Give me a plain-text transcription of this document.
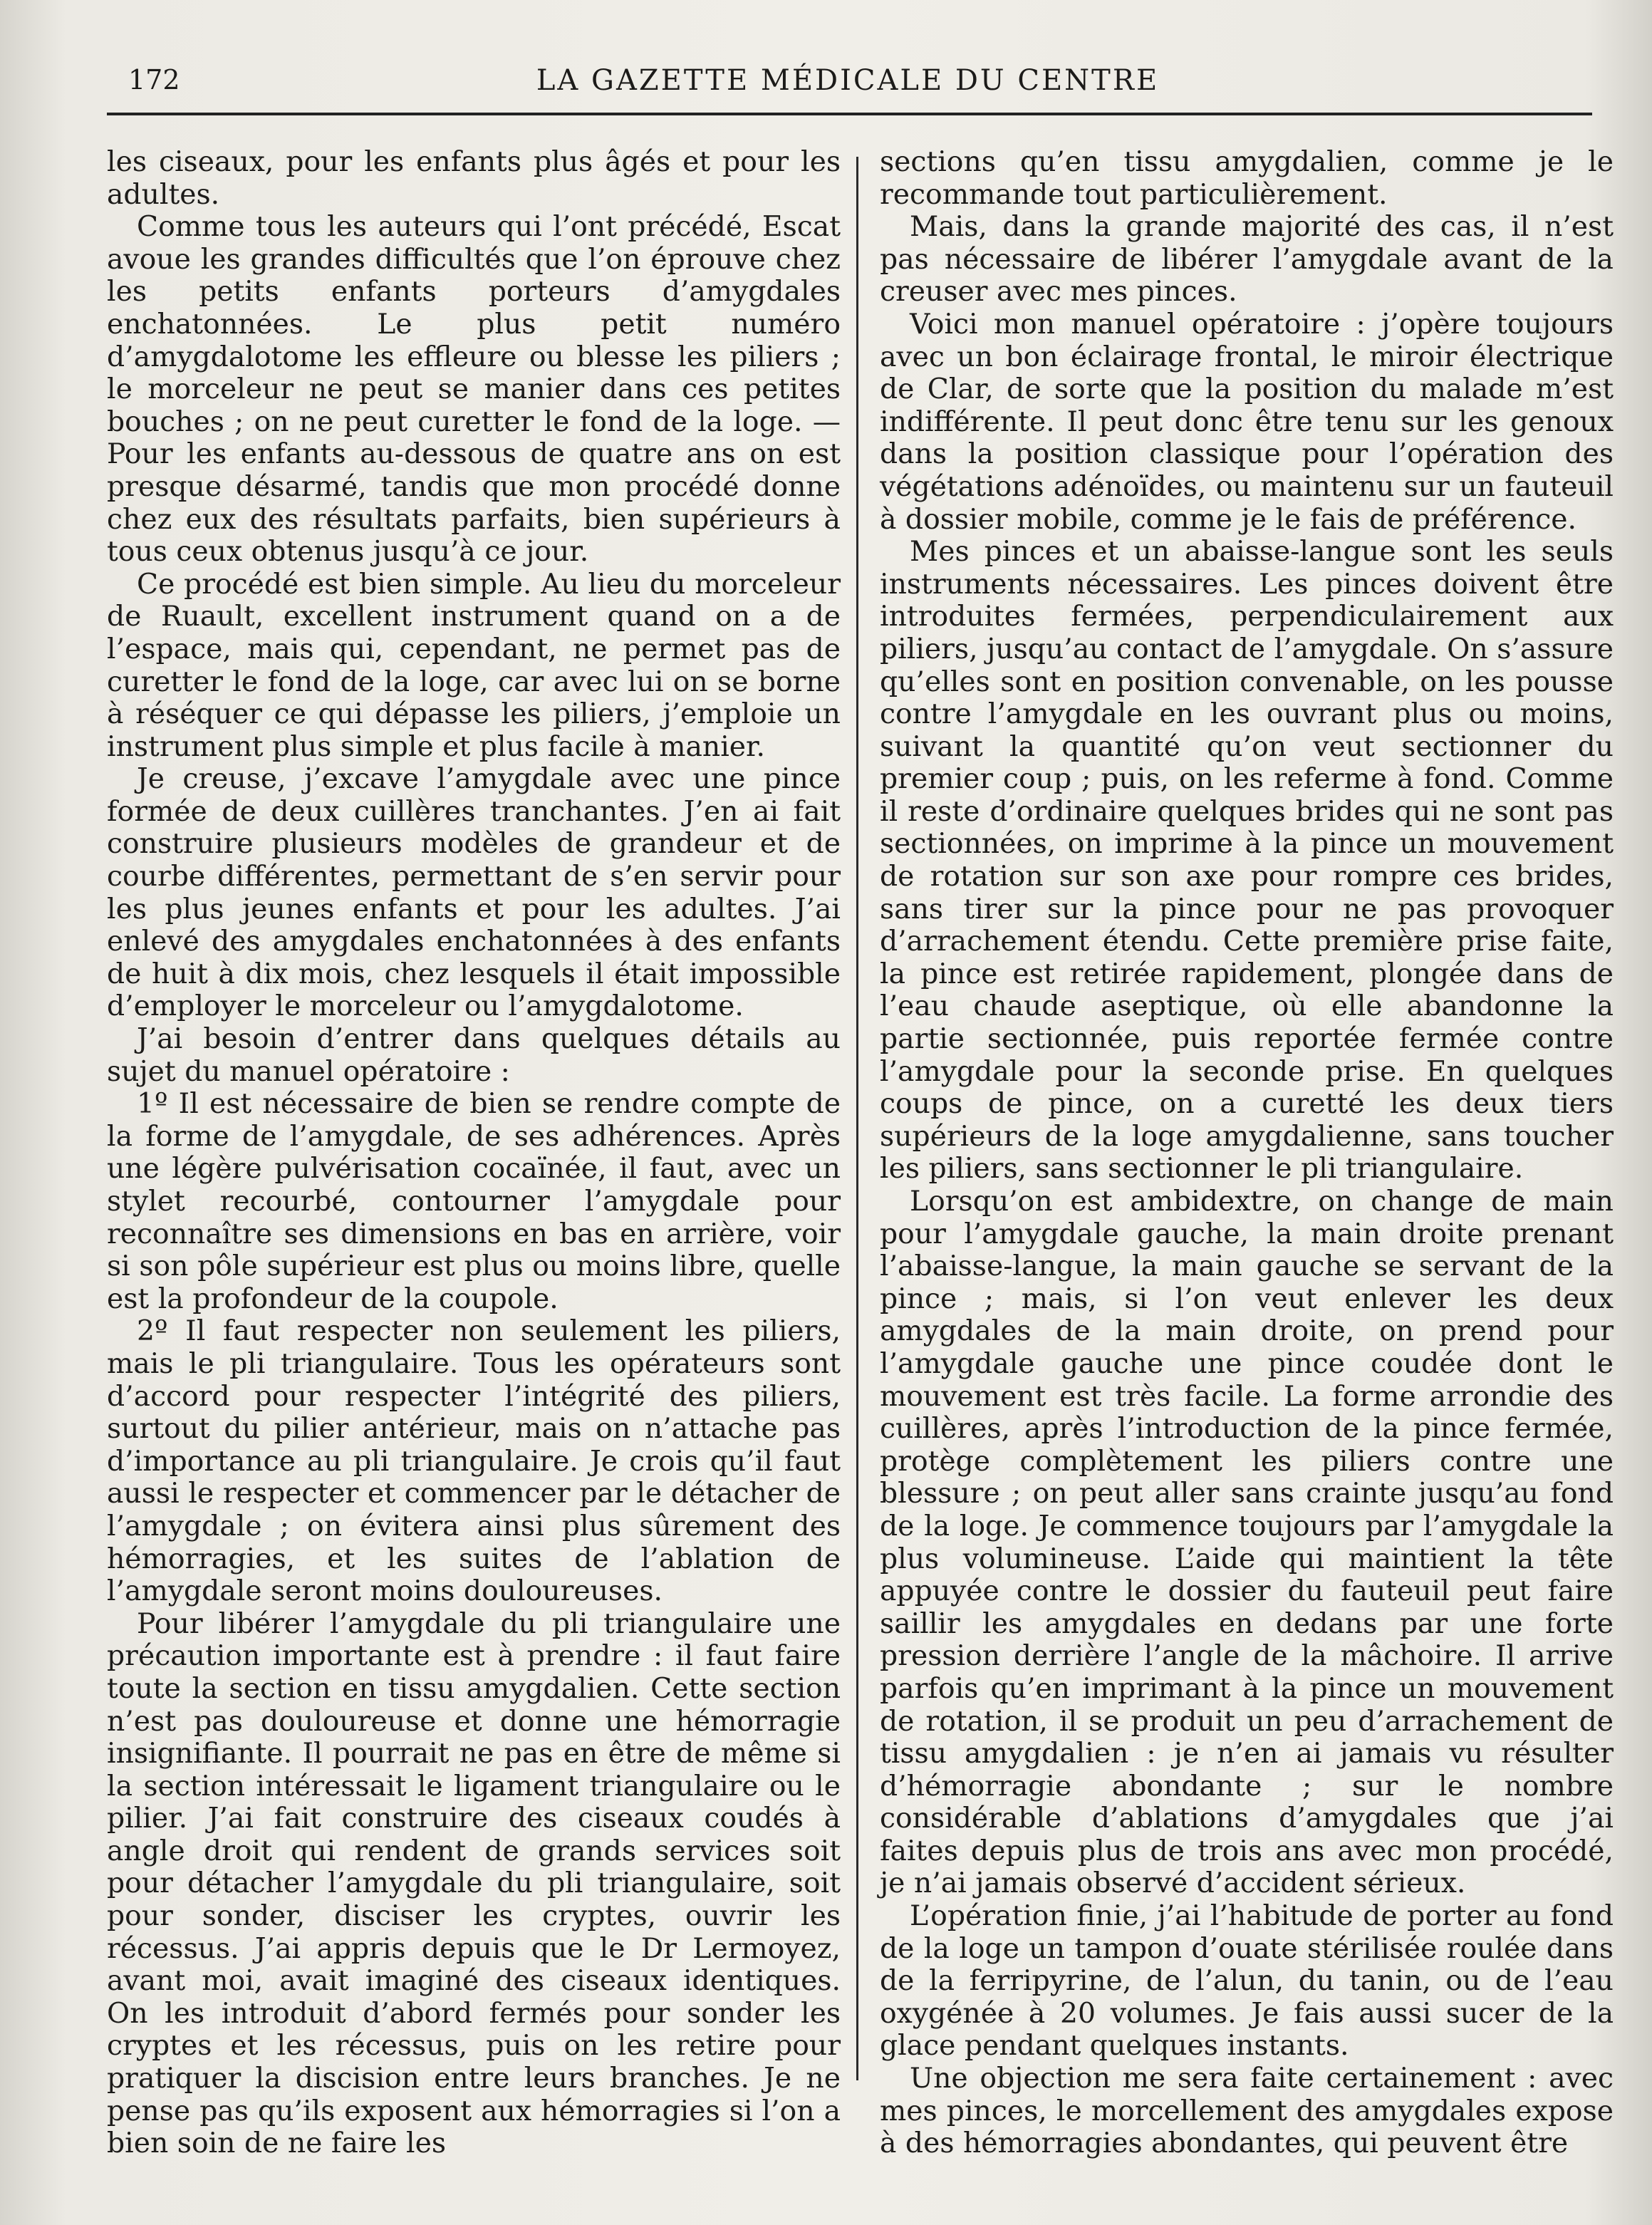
172	LA GAZETTE MÉDICALE DU CENTRE

les ciseaux, pour les enfants plus âgés et pour les adultes.

Comme tous les auteurs qui l’ont précédé, Escat avoue les grandes difficultés que l’on éprouve chez les petits enfants porteurs d’amygdales enchatonnées. Le plus petit numéro d’amygdalotome les effleure ou blesse les piliers ; le morceleur ne peut se manier dans ces petites bouches ; on ne peut curetter le fond de la loge. — Pour les enfants au-dessous de quatre ans on est presque désarmé, tandis que mon procédé donne chez eux des résultats parfaits, bien supérieurs à tous ceux obtenus jusqu’à ce jour.

Ce procédé est bien simple. Au lieu du morceleur de Ruault, excellent instrument quand on a de l’espace, mais qui, cependant, ne permet pas de curetter le fond de la loge, car avec lui on se borne à réséquer ce qui dépasse les piliers, j’emploie un instrument plus simple et plus facile à manier.

Je creuse, j’excave l’amygdale avec une pince formée de deux cuillères tranchantes. J’en ai fait construire plusieurs modèles de grandeur et de courbe différentes, permettant de s’en servir pour les plus jeunes enfants et pour les adultes. J’ai enlevé des amygdales enchatonnées à des enfants de huit à dix mois, chez lesquels il était impossible d’employer le morceleur ou l’amygdalotome.

J’ai besoin d’entrer dans quelques détails au sujet du manuel opératoire :

1º Il est nécessaire de bien se rendre compte de la forme de l’amygdale, de ses adhérences. Après une légère pulvérisation cocaïnée, il faut, avec un stylet recourbé, contourner l’amygdale pour reconnaître ses dimensions en bas en arrière, voir si son pôle supérieur est plus ou moins libre, quelle est la profondeur de la coupole.

2º Il faut respecter non seulement les piliers, mais le pli triangulaire. Tous les opérateurs sont d’accord pour respecter l’intégrité des piliers, surtout du pilier antérieur, mais on n’attache pas d’importance au pli triangulaire. Je crois qu’il faut aussi le respecter et commencer par le détacher de l’amygdale ; on évitera ainsi plus sûrement des hémorragies, et les suites de l’ablation de l’amygdale seront moins douloureuses.

Pour libérer l’amygdale du pli triangulaire une précaution importante est à prendre : il faut faire toute la section en tissu amygdalien. Cette section n’est pas douloureuse et donne une hémorragie insignifiante. Il pourrait ne pas en être de même si la section intéressait le ligament triangulaire ou le pilier. J’ai fait construire des ciseaux coudés à angle droit qui rendent de grands services soit pour détacher l’amygdale du pli triangulaire, soit pour sonder, disciser les cryptes, ouvrir les récessus. J’ai appris depuis que le Dr Lermoyez, avant moi, avait imaginé des ciseaux identiques. On les introduit d’abord fermés pour sonder les cryptes et les récessus, puis on les retire pour pratiquer la discision entre leurs branches. Je ne pense pas qu’ils exposent aux hémorragies si l’on a bien soin de ne faire les

sections qu’en tissu amygdalien, comme je le recommande tout particulièrement.

Mais, dans la grande majorité des cas, il n’est pas nécessaire de libérer l’amygdale avant de la creuser avec mes pinces.

Voici mon manuel opératoire : j’opère toujours avec un bon éclairage frontal, le miroir électrique de Clar, de sorte que la position du malade m’est indifférente. Il peut donc être tenu sur les genoux dans la position classique pour l’opération des végétations adénoïdes, ou maintenu sur un fauteuil à dossier mobile, comme je le fais de préférence.

Mes pinces et un abaisse-langue sont les seuls instruments nécessaires. Les pinces doivent être introduites fermées, perpendiculairement aux piliers, jusqu’au contact de l’amygdale. On s’assure qu’elles sont en position convenable, on les pousse contre l’amygdale en les ouvrant plus ou moins, suivant la quantité qu’on veut sectionner du premier coup ; puis, on les referme à fond. Comme il reste d’ordinaire quelques brides qui ne sont pas sectionnées, on imprime à la pince un mouvement de rotation sur son axe pour rompre ces brides, sans tirer sur la pince pour ne pas provoquer d’arrachement étendu. Cette première prise faite, la pince est retirée rapidement, plongée dans de l’eau chaude aseptique, où elle abandonne la partie sectionnée, puis reportée fermée contre l’amygdale pour la seconde prise. En quelques coups de pince, on a curetté les deux tiers supérieurs de la loge amygdalienne, sans toucher les piliers, sans sectionner le pli triangulaire.

Lorsqu’on est ambidextre, on change de main pour l’amygdale gauche, la main droite prenant l’abaisse-langue, la main gauche se servant de la pince ; mais, si l’on veut enlever les deux amygdales de la main droite, on prend pour l’amygdale gauche une pince coudée dont le mouvement est très facile. La forme arrondie des cuillères, après l’introduction de la pince fermée, protège complètement les piliers contre une blessure ; on peut aller sans crainte jusqu’au fond de la loge. Je commence toujours par l’amygdale la plus volumineuse. L’aide qui maintient la tête appuyée contre le dossier du fauteuil peut faire saillir les amygdales en dedans par une forte pression derrière l’angle de la mâchoire. Il arrive parfois qu’en imprimant à la pince un mouvement de rotation, il se produit un peu d’arrachement de tissu amygdalien : je n’en ai jamais vu résulter d’hémorragie abondante ; sur le nombre considérable d’ablations d’amygdales que j’ai faites depuis plus de trois ans avec mon procédé, je n’ai jamais observé d’accident sérieux.

L’opération finie, j’ai l’habitude de porter au fond de la loge un tampon d’ouate stérilisée roulée dans de la ferripyrine, de l’alun, du tanin, ou de l’eau oxygénée à 20 volumes. Je fais aussi sucer de la glace pendant quelques instants.

Une objection me sera faite certainement : avec mes pinces, le morcellement des amygdales expose à des hémorragies abondantes, qui peuvent être
